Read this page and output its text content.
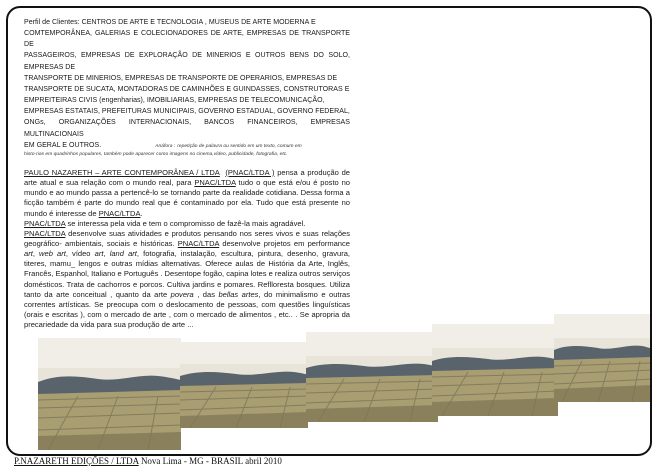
Perfil de Clientes: CENTROS DE ARTE E TECNOLOGIA , MUSEUS DE ARTE MODERNA E
COMTEMPORÂNEA, GALERIAS E COLECIONADORES DE ARTE, EMPRESAS DE TRANSPORTE DE
PASSAGEIROS, EMPRESAS DE EXPLORAÇÃO DE MINERIOS E OUTROS BENS DO SOLO, EMPRESAS DE
TRANSPORTE DE MINERIOS, EMPRESAS DE TRANSPORTE DE OPERARIOS, EMPRESAS DE
TRANSPORTE DE SUCATA, MONTADORAS DE CAMINHÕES E GUINDASSES, CONSTRUTORAS E
EMPREITEIRAS CIVIS (engenharias), IMOBILIARIAS, EMPRESAS DE TELECOMUNICAÇÃO,
EMPRESAS ESTATAIS, PREFEITURAS MUNICIPAIS, GOVERNO ESTADUAL, GOVERNO FEDERAL,
ONGs, ORGANIZAÇÕES INTERNACIONAIS, BANCOS FINANCEIROS, EMPRESAS MULTINACIONAIS
EM GERAL E OUTROS.	Anáfora : repetição de palavra ou sentido em um texto, comum em
histo-rias em quadrinhos populares, também pode aparecer como imagens no cinema,vídeo, publicidade, fotografia, etc.

PAULO NAZARETH – ARTE CONTEMPORÂNEA / LTDA (PNAC/LTDA ) pensa a produção de arte atual e sua relação com o mundo real, para PNAC/LTDA tudo o que está e/ou é posto no mundo e ao mundo passa a pertencê-lo se tornando parte da realidade cotidiana. Dessa forma a ficção também é parte do mundo real que é contaminado por ela. Tudo que está presente no mundo é interesse de PNAC/LTDA.

PNAC/LTDA se interessa pela vida e tem o compromisso de fazê-la mais agradável.

PNAC/LTDA desenvolve suas atividades e produtos pensando nos seres vivos e suas relações geográfico- ambientais, sociais e históricas. PNAC/LTDA desenvolve projetos em performance art, web art, vídeo art, land art, fotografia, instalação, escultura, pintura, desenho, gravura, titeres, mamu_ lengos e outras mídias alternativas. Oferece aulas de História da Arte, Inglês, Francês, Espanhol, Italiano e Português . Desentope fogão, capina lotes e realiza outros serviços domésticos. Trata de cachorros e porcos. Cultiva jardins e pomares. Reflloresta bosques. Utiliza tanto da arte conceitual , quanto da arte povera , das bellas artes, do minimalismo e outras correntes artísticas. Se preocupa com o deslocamento de pessoas, com questões linguísticas (orais e escritas ), com o mercado de arte , com o mercado de alimentos , etc.. . Se apropria da precariedade da vida para sua produção de arte ...

P.NAZARETH EDIÇÕES / LTDA Nova Lima - MG - BRASIL abril 2010
